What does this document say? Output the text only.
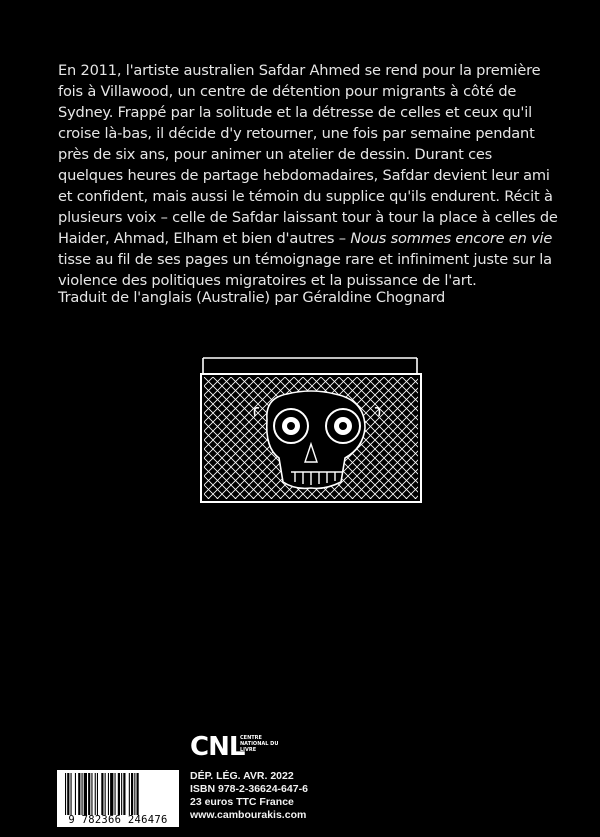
En 2011, l'artiste australien Safdar Ahmed se rend pour la première fois à Villawood, un centre de détention pour migrants à côté de Sydney. Frappé par la solitude et la détresse de celles et ceux qu'il croise là-bas, il décide d'y retourner, une fois par semaine pendant près de six ans, pour animer un atelier de dessin. Durant ces quelques heures de partage hebdomadaires, Safdar devient leur ami et confident, mais aussi le témoin du supplice qu'ils endurent. Récit à plusieurs voix – celle de Safdar laissant tour à tour la place à celles de Haider, Ahmad, Elham et bien d'autres – Nous sommes encore en vie tisse au fil de ses pages un témoignage rare et infiniment juste sur la violence des politiques migratoires et la puissance de l'art.

Traduit de l'anglais (Australie) par Géraldine Chognard
CNL
CENTRE NATIONAL DU LIVRE
9 782366 246476
DÉP. LÉG. AVR. 2022
ISBN 978-2-36624-647-6
23 euros TTC France
www.cambourakis.com
